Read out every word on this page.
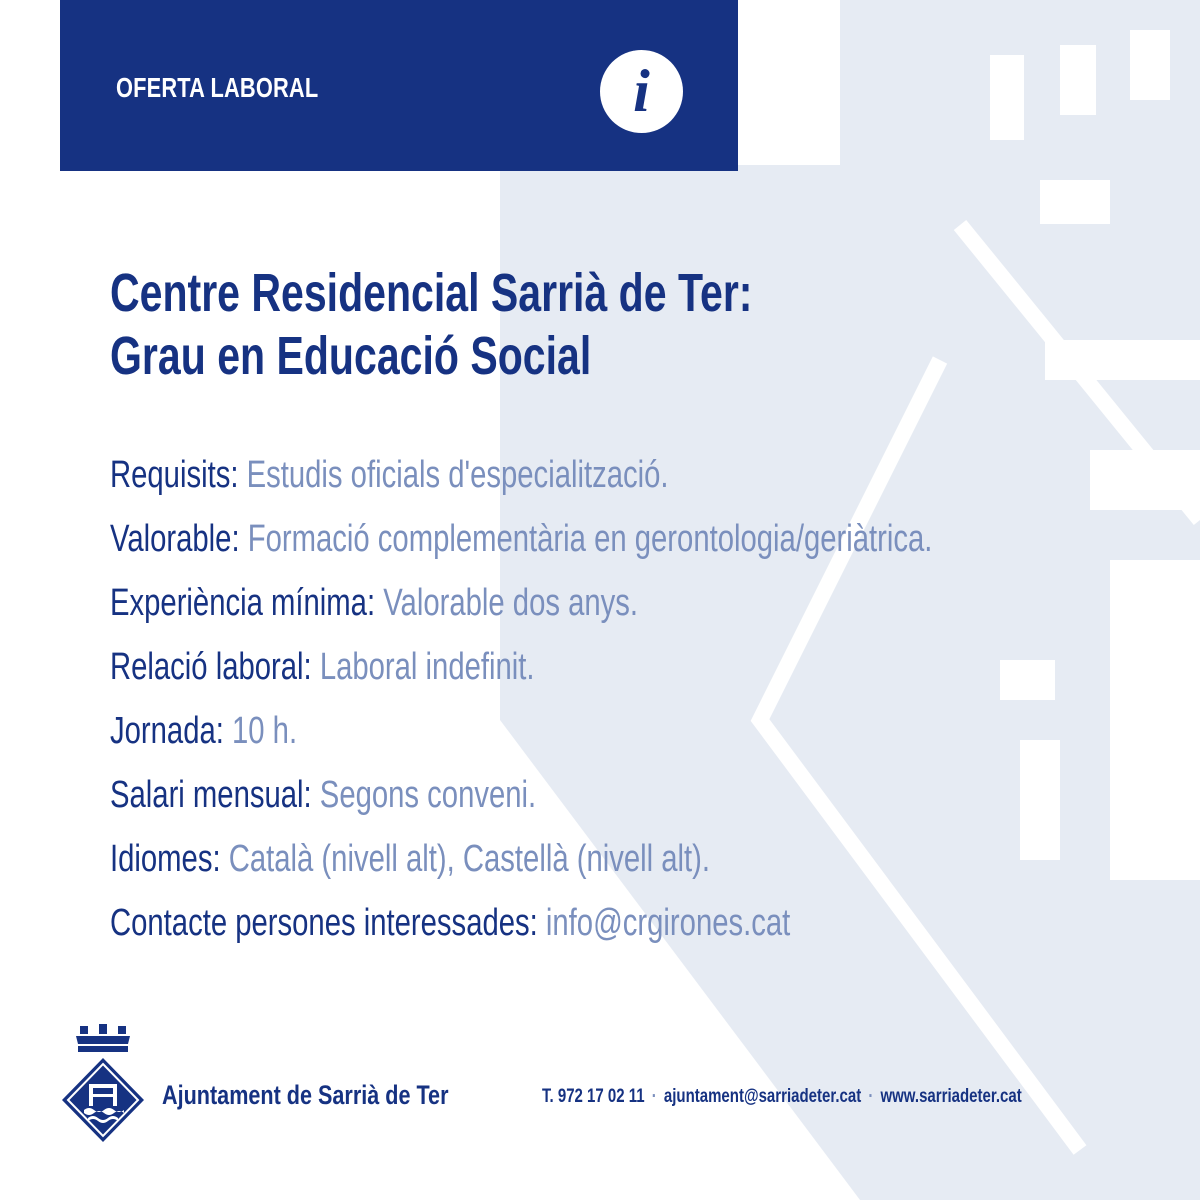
OFERTA LABORAL	i
Centre Residencial Sarrià de Ter:
Grau en Educació Social
Requisits: Estudis oficials d'especialització.
Valorable: Formació complementària en gerontologia/geriàtrica.
Experiència mínima: Valorable dos anys.
Relació laboral: Laboral indefinit.
Jornada: 10 h.
Salari mensual: Segons conveni.
Idiomes: Català (nivell alt), Castellà (nivell alt).
Contacte persones interessades: info@crgirones.cat
Ajuntament de Sarrià de Ter	T. 972 17 02 11 · ajuntament@sarriadeter.cat · www.sarriadeter.cat
